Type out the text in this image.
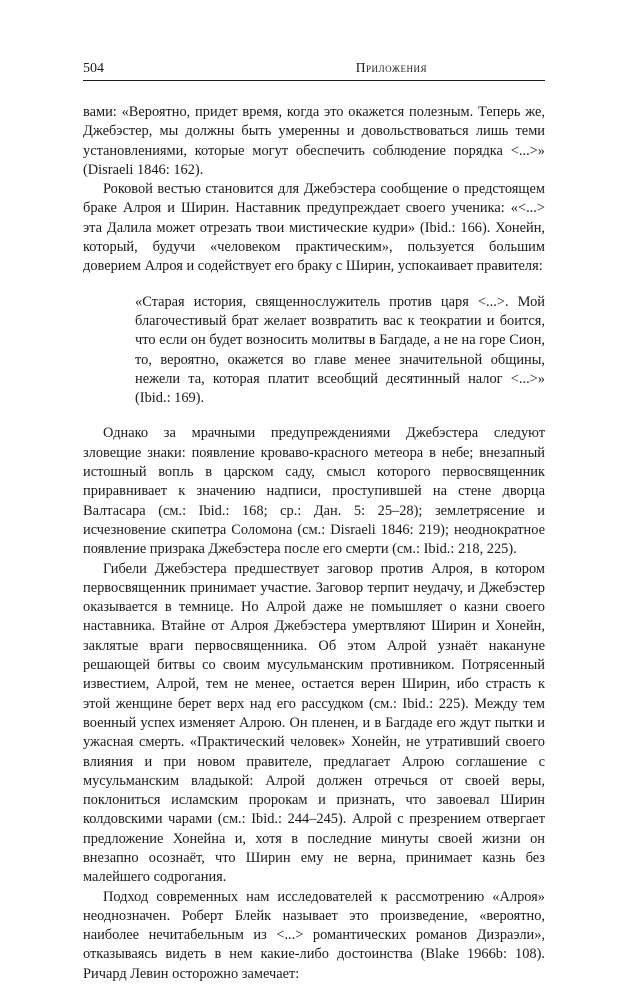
504	Приложения

вами: «Вероятно, придет время, когда это окажется полезным. Теперь же, Джебэстер, мы должны быть умеренны и довольствоваться лишь теми установлениями, которые могут обеспечить соблюдение порядка <...>» (Disraeli 1846: 162).

Роковой вестью становится для Джебэстера сообщение о предстоящем браке Алроя и Ширин. Наставник предупреждает своего ученика: «<...> эта Далила может отрезать твои мистические кудри» (Ibid.: 166). Хонейн, который, будучи «человеком практическим», пользуется большим доверием Алроя и содействует его браку с Ширин, успокаивает правителя:

«Старая история, священнослужитель против царя <...>. Мой благочестивый брат желает возвратить вас к теократии и боится, что если он будет возносить молитвы в Багдаде, а не на горе Сион, то, вероятно, окажется во главе менее значительной общины, нежели та, которая платит всеобщий десятинный налог <...>» (Ibid.: 169).

Однако за мрачными предупреждениями Джебэстера следуют зловещие знаки: появление кроваво-красного метеора в небе; внезапный истошный вопль в царском саду, смысл которого первосвященник приравнивает к значению надписи, проступившей на стене дворца Валтасара (см.: Ibid.: 168; ср.: Дан. 5: 25–28); землетрясение и исчезновение скипетра Соломона (см.: Disraeli 1846: 219); неоднократное появление призрака Джебэстера после его смерти (см.: Ibid.: 218, 225).

Гибели Джебэстера предшествует заговор против Алроя, в котором первосвященник принимает участие. Заговор терпит неудачу, и Джебэстер оказывается в темнице. Но Алрой даже не помышляет о казни своего наставника. Втайне от Алроя Джебэстера умертвляют Ширин и Хонейн, заклятые враги первосвященника. Об этом Алрой узнаёт накануне решающей битвы со своим мусульманским противником. Потрясенный известием, Алрой, тем не менее, остается верен Ширин, ибо страсть к этой женщине берет верх над его рассудком (см.: Ibid.: 225). Между тем военный успех изменяет Алрою. Он пленен, и в Багдаде его ждут пытки и ужасная смерть. «Практический человек» Хонейн, не утративший своего влияния и при новом правителе, предлагает Алрою соглашение с мусульманским владыкой: Алрой должен отречься от своей веры, поклониться исламским пророкам и признать, что завоевал Ширин колдовскими чарами (см.: Ibid.: 244–245). Алрой с презрением отвергает предложение Хонейна и, хотя в последние минуты своей жизни он внезапно осознаёт, что Ширин ему не верна, принимает казнь без малейшего содрогания.

Подход современных нам исследователей к рассмотрению «Алроя» неоднозначен. Роберт Блейк называет это произведение, «вероятно, наиболее нечитабельным из <...> романтических романов Дизраэли», отказываясь видеть в нем какие-либо достоинства (Blake 1966b: 108). Ричард Левин осторожно замечает:
